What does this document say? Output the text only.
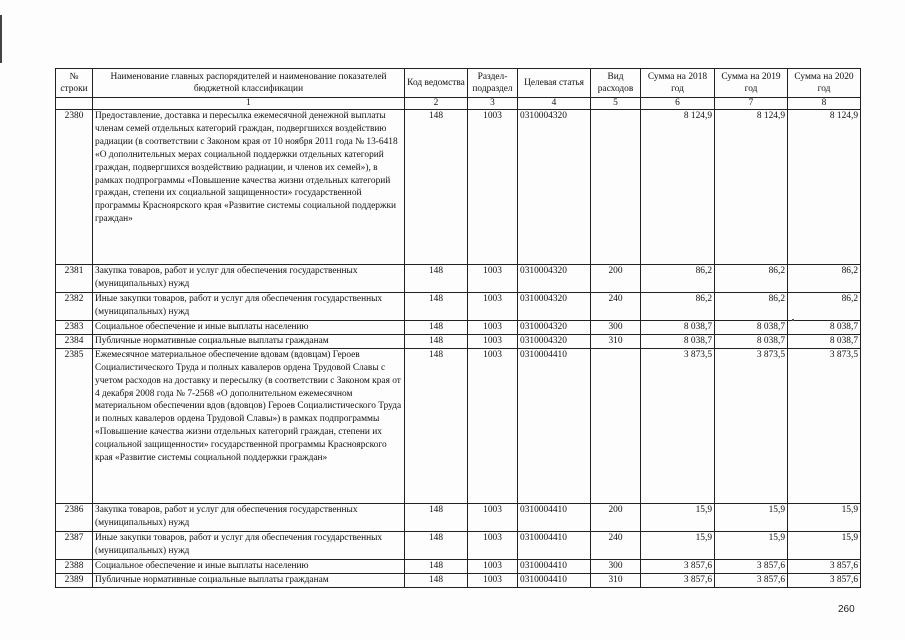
№ строки	Наименование главных распорядителей и наименование показателей бюджетной классификации	Код ведомства	Раздел-подраздел	Целевая статья	Вид расходов	Сумма на 2018 год	Сумма на 2019 год	Сумма на 2020 год
	1	2	3	4	5	6	7	8
2380	Предоставление, доставка и пересылка ежемесячной денежной выплаты членам семей отдельных категорий граждан, подвергшихся воздействию радиации (в соответствии с Законом края от 10 ноября 2011 года № 13-6418 «О дополнительных мерах социальной поддержки отдельных категорий граждан, подвергшихся воздействию радиации, и членов их семей»), в рамках подпрограммы «Повышение качества жизни отдельных категорий граждан, степени их социальной защищенности» государственной программы Красноярского края «Развитие системы социальной поддержки граждан»	148	1003	0310004320		8 124,9	8 124,9	8 124,9
2381	Закупка товаров, работ и услуг для обеспечения государственных (муниципальных) нужд	148	1003	0310004320	200	86,2	86,2	86,2
2382	Иные закупки товаров, работ и услуг для обеспечения государственных (муниципальных) нужд	148	1003	0310004320	240	86,2	86,2	86,2
2383	Социальное обеспечение и иные выплаты населению	148	1003	0310004320	300	8 038,7	8 038,7	8 038,7
2384	Публичные нормативные социальные выплаты гражданам	148	1003	0310004320	310	8 038,7	8 038,7	8 038,7
2385	Ежемесячное материальное обеспечение вдовам (вдовцам) Героев Социалистического Труда и полных кавалеров ордена Трудовой Славы с учетом расходов на доставку и пересылку (в соответствии с Законом края от 4 декабря 2008 года № 7-2568 «О дополнительном ежемесячном материальном обеспечении вдов (вдовцов) Героев Социалистического Труда и полных кавалеров ордена Трудовой Славы») в рамках подпрограммы «Повышение качества жизни отдельных категорий граждан, степени их социальной защищенности» государственной программы Красноярского края «Развитие системы социальной поддержки граждан»	148	1003	0310004410		3 873,5	3 873,5	3 873,5
2386	Закупка товаров, работ и услуг для обеспечения государственных (муниципальных) нужд	148	1003	0310004410	200	15,9	15,9	15,9
2387	Иные закупки товаров, работ и услуг для обеспечения государственных (муниципальных) нужд	148	1003	0310004410	240	15,9	15,9	15,9
2388	Социальное обеспечение и иные выплаты населению	148	1003	0310004410	300	3 857,6	3 857,6	3 857,6
2389	Публичные нормативные социальные выплаты гражданам	148	1003	0310004410	310	3 857,6	3 857,6	3 857,6
260
